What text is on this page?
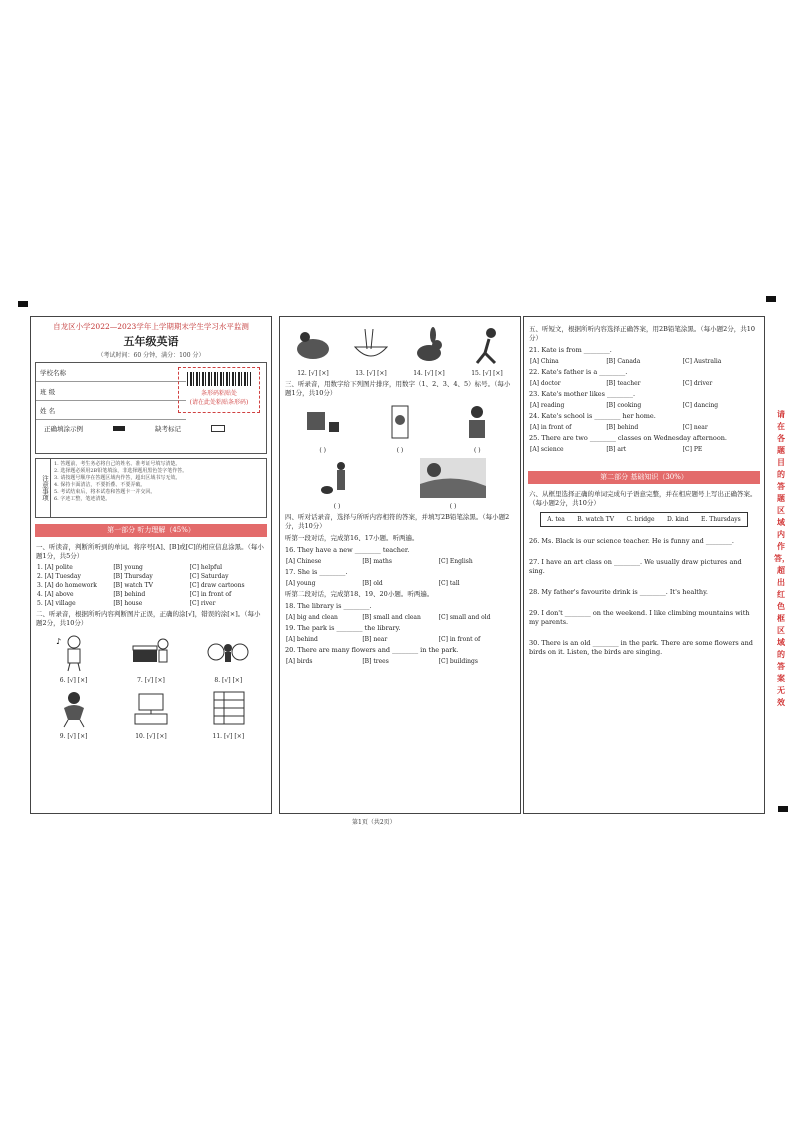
自龙区小学2022—2023学年上学期期末学生学习水平监测
五年级英语
（考试时间：60 分钟，满分：100 分）
学校名称
班 级
姓 名
条形码粘贴处
(请在此处粘贴条形码)
正确填涂示例	缺考标记
注意事项
1. 答题前，考生务必将自己的姓名、准考证号填写清楚。
2. 选择题必须用2B铅笔填涂，非选择题用黑色签字笔作答。
3. 请按题号顺序在答题区域内作答，超出区域书写无效。
4. 保持卡面清洁，不要折叠、不要弄破。
5. 考试结束后，将本试卷和答题卡一并交回。
6. 字迹工整，笔迹清楚。
第一部分 听力理解（45%）
一、听读音，判断所听到的单词。将序号[A]、[B]或[C]的相应信息涂黑。（每小题1分，共5分）
1. [A] polite	[B] young	[C] helpful
2. [A] Tuesday	[B] Thursday	[C] Saturday
3. [A] do homework	[B] watch TV	[C] draw cartoons
4. [A] above	[B] behind	[C] in front of
5. [A] village	[B] house	[C] river
二、听录音，根据所听内容判断图片正误，正确的涂[√]，错误的涂[×]。（每小题2分，共10分）
♪
6. [√] [×]	7. [√] [×]	8. [√] [×]
9. [√] [×]	10. [√] [×]	11. [√] [×]
12. [√] [×]	13. [√] [×]	14. [√] [×]	15. [√] [×]
三、听录音，用数字给下列图片排序，用数字（1、2、3、4、5）标号。（每小题1分，共10分）
( )	( )	( )
( )	( )
四、听对话录音，选择与所听内容相符的答案，并填写2B铅笔涂黑。（每小题2分，共10分）
听第一段对话，完成第16、17小题。听两遍。
16. They have a new ________ teacher.
[A] Chinese	[B] maths	[C] English
17. She is ________.
[A] young	[B] old	[C] tall
听第二段对话，完成第18、19、20小题。听两遍。
18. The library is ________.
[A] big and clean	[B] small and clean	[C] small and old
19. The park is ________ the library.
[A] behind	[B] near	[C] in front of
20. There are many flowers and ________ in the park.
[A] birds	[B] trees	[C] buildings
五、听短文，根据所听内容选择正确答案，用2B铅笔涂黑。（每小题2分，共10分）
21. Kate is from ________.
[A] China	[B] Canada	[C] Australia
22. Kate's father is a ________.
[A] doctor	[B] teacher	[C] driver
23. Kate's mother likes ________.
[A] reading	[B] cooking	[C] dancing
24. Kate's school is ________ her home.
[A] in front of	[B] behind	[C] near
25. There are two ________ classes on Wednesday afternoon.
[A] science	[B] art	[C] PE
第二部分 基础知识（30%）
六、从框里选择正确的单词完成句子语意完整，并在相应题号上写出正确答案。（每小题2分，共10分）
A. tea B. watch TV C. bridge D. kind E. Thursdays
26. Ms. Black is our science teacher. He is funny and ________.
27. I have an art class on ________. We usually draw pictures and sing.
28. My father's favourite drink is ________. It's healthy.
29. I don't ________ on the weekend. I like climbing mountains with my parents.
30. There is an old ________ in the park. There are some flowers and birds on it. Listen, the birds are singing.
请在各题目的答题区域内作答，超出红色框区域的答案无效
第1页（共2页）
